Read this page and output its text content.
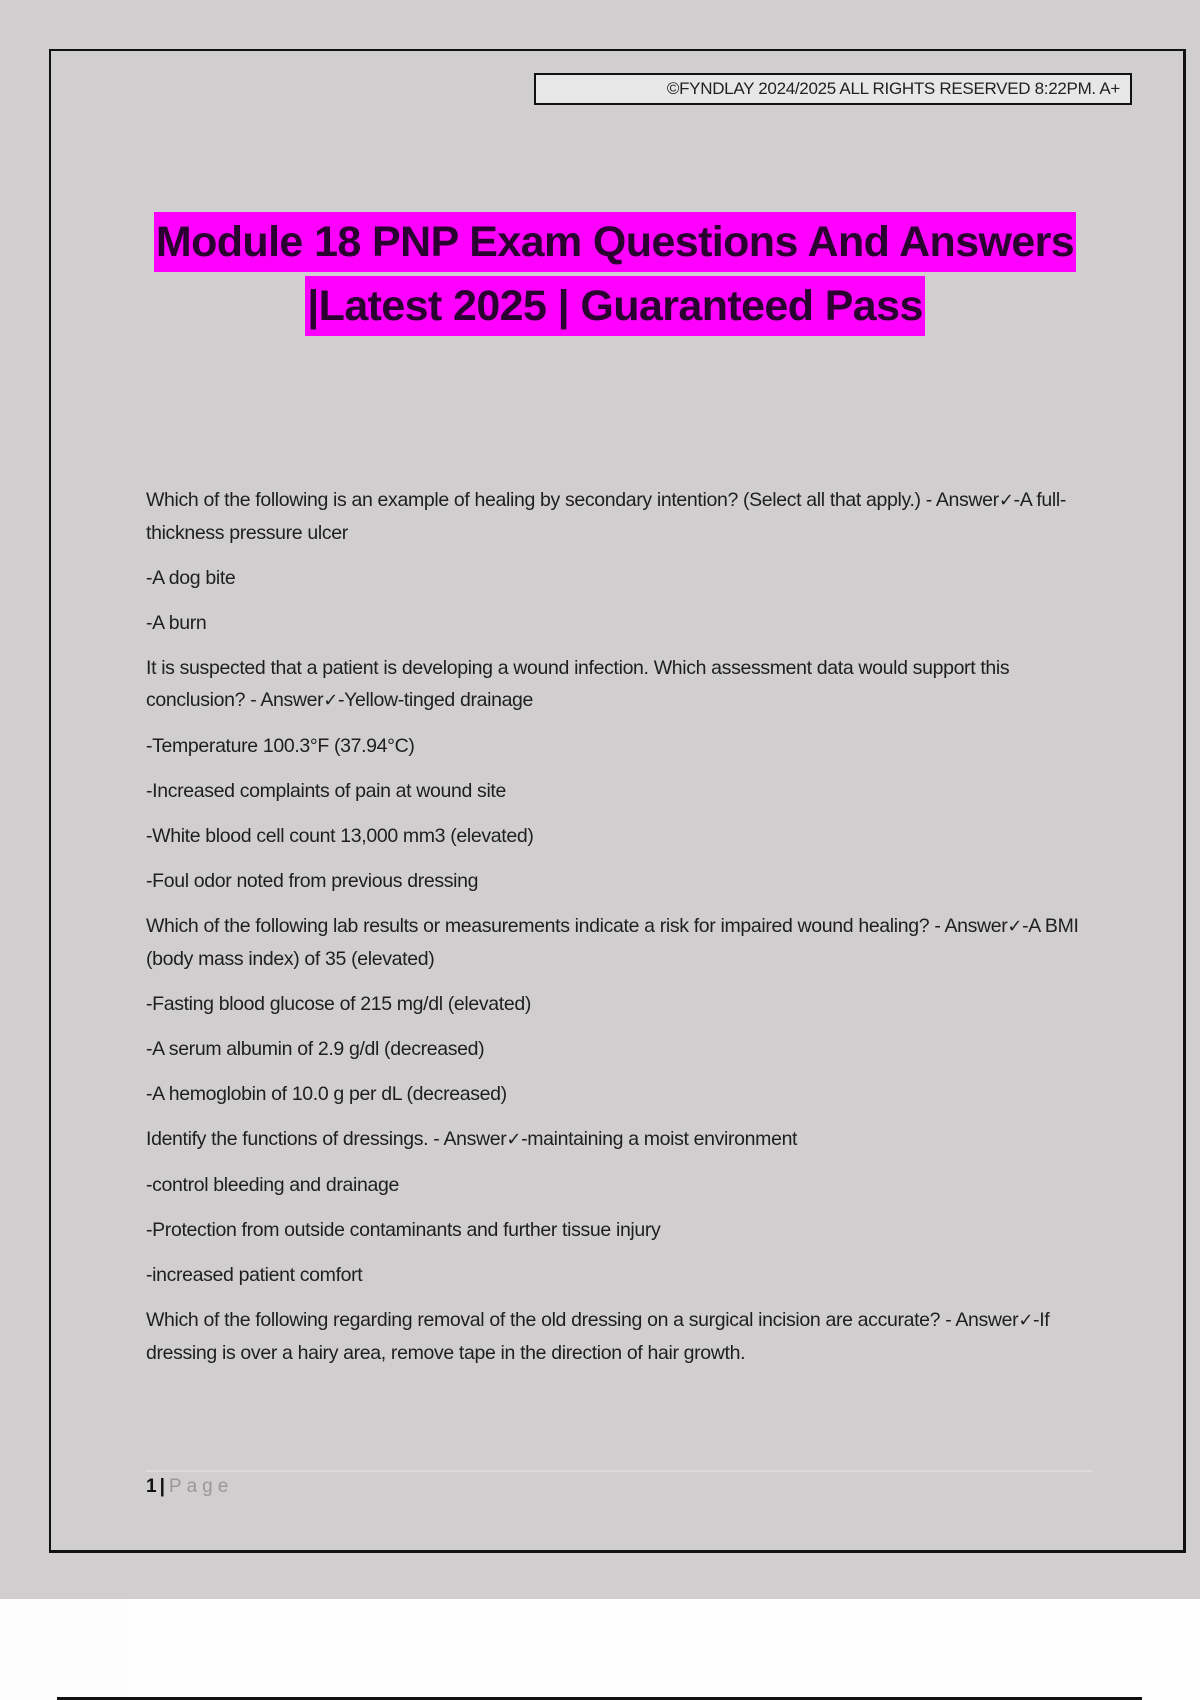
©FYNDLAY 2024/2025 ALL RIGHTS RESERVED 8:22PM. A+
Module 18 PNP Exam Questions And Answers
|Latest 2025 | Guaranteed Pass

Which of the following is an example of healing by secondary intention? (Select all that apply.) - Answer✓-A full-thickness pressure ulcer

-A dog bite

-A burn

It is suspected that a patient is developing a wound infection. Which assessment data would support this conclusion? - Answer✓-Yellow-tinged drainage

-Temperature 100.3°F (37.94°C)

-Increased complaints of pain at wound site

-White blood cell count 13,000 mm3 (elevated)

-Foul odor noted from previous dressing

Which of the following lab results or measurements indicate a risk for impaired wound healing? - Answer✓-A BMI (body mass index) of 35 (elevated)

-Fasting blood glucose of 215 mg/dl (elevated)

-A serum albumin of 2.9 g/dl (decreased)

-A hemoglobin of 10.0 g per dL (decreased)

Identify the functions of dressings. - Answer✓-maintaining a moist environment

-control bleeding and drainage

-Protection from outside contaminants and further tissue injury

-increased patient comfort

Which of the following regarding removal of the old dressing on a surgical incision are accurate? - Answer✓-If dressing is over a hairy area, remove tape in the direction of hair growth.

1 | Page
